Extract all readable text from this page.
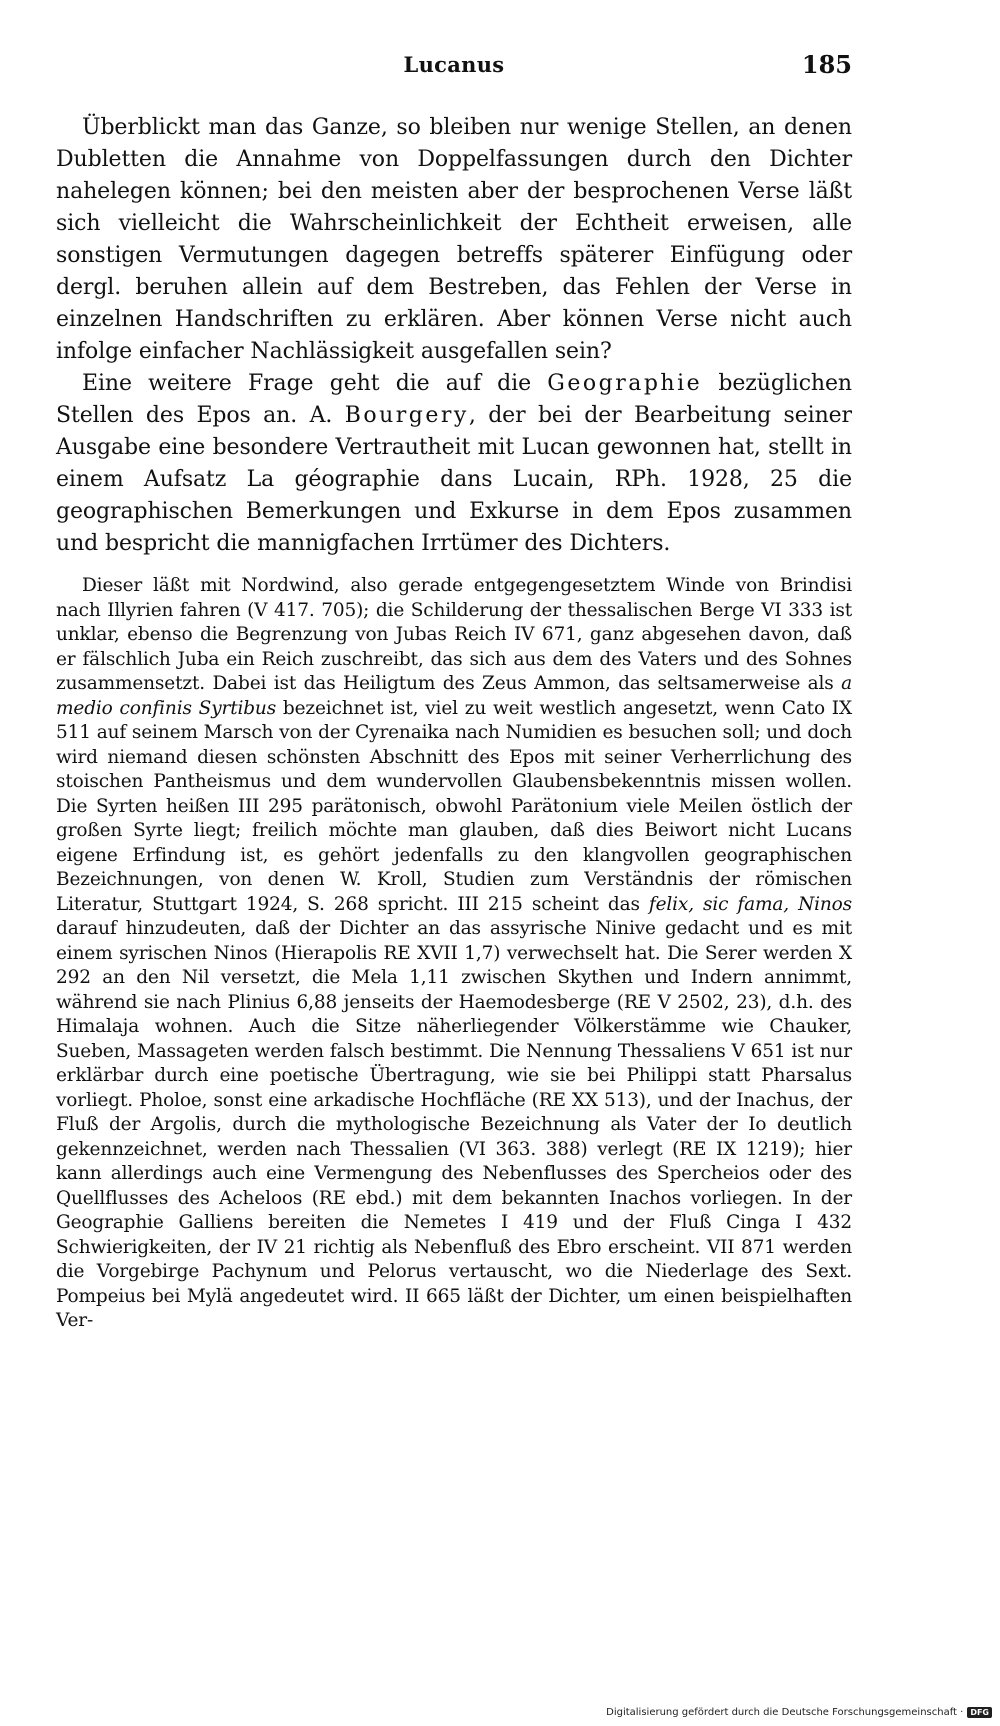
Lucanus	185

Überblickt man das Ganze, so bleiben nur wenige Stellen, an denen Dubletten die Annahme von Doppelfassungen durch den Dichter nahelegen können; bei den meisten aber der besprochenen Verse läßt sich vielleicht die Wahrscheinlichkeit der Echtheit erweisen, alle sonstigen Vermutungen dagegen betreffs späterer Einfügung oder dergl. beruhen allein auf dem Bestreben, das Fehlen der Verse in einzelnen Handschriften zu erklären. Aber können Verse nicht auch infolge einfacher Nachlässigkeit ausgefallen sein?

Eine weitere Frage geht die auf die Geographie bezüglichen Stellen des Epos an. A. Bourgery, der bei der Bearbeitung seiner Ausgabe eine besondere Vertrautheit mit Lucan gewonnen hat, stellt in einem Aufsatz La géographie dans Lucain, RPh. 1928, 25 die geographischen Bemerkungen und Exkurse in dem Epos zusammen und bespricht die mannigfachen Irrtümer des Dichters.

Dieser läßt mit Nordwind, also gerade entgegengesetztem Winde von Brindisi nach Illyrien fahren (V 417. 705); die Schilderung der thessalischen Berge VI 333 ist unklar, ebenso die Begrenzung von Jubas Reich IV 671, ganz abgesehen davon, daß er fälschlich Juba ein Reich zuschreibt, das sich aus dem des Vaters und des Sohnes zusammensetzt. Dabei ist das Heiligtum des Zeus Ammon, das seltsamerweise als a medio confinis Syrtibus bezeichnet ist, viel zu weit westlich angesetzt, wenn Cato IX 511 auf seinem Marsch von der Cyrenaika nach Numidien es besuchen soll; und doch wird niemand diesen schönsten Abschnitt des Epos mit seiner Verherrlichung des stoischen Pantheismus und dem wundervollen Glaubensbekenntnis missen wollen. Die Syrten heißen III 295 parätonisch, obwohl Parätonium viele Meilen östlich der großen Syrte liegt; freilich möchte man glauben, daß dies Beiwort nicht Lucans eigene Erfindung ist, es gehört jedenfalls zu den klangvollen geographischen Bezeichnungen, von denen W. Kroll, Studien zum Verständnis der römischen Literatur, Stuttgart 1924, S. 268 spricht. III 215 scheint das felix, sic fama, Ninos darauf hinzudeuten, daß der Dichter an das assyrische Ninive gedacht und es mit einem syrischen Ninos (Hierapolis RE XVII 1,7) verwechselt hat. Die Serer werden X 292 an den Nil versetzt, die Mela 1,11 zwischen Skythen und Indern annimmt, während sie nach Plinius 6,88 jenseits der Haemodesberge (RE V 2502, 23), d.h. des Himalaja wohnen. Auch die Sitze näherliegender Völkerstämme wie Chauker, Sueben, Massageten werden falsch bestimmt. Die Nennung Thessaliens V 651 ist nur erklärbar durch eine poetische Übertragung, wie sie bei Philippi statt Pharsalus vorliegt. Pholoe, sonst eine arkadische Hochfläche (RE XX 513), und der Inachus, der Fluß der Argolis, durch die mythologische Bezeichnung als Vater der Io deutlich gekennzeichnet, werden nach Thessalien (VI 363. 388) verlegt (RE IX 1219); hier kann allerdings auch eine Vermengung des Nebenflusses des Spercheios oder des Quellflusses des Acheloos (RE ebd.) mit dem bekannten Inachos vorliegen. In der Geographie Galliens bereiten die Nemetes I 419 und der Fluß Cinga I 432 Schwierigkeiten, der IV 21 richtig als Nebenfluß des Ebro erscheint. VII 871 werden die Vorgebirge Pachynum und Pelorus vertauscht, wo die Niederlage des Sext. Pompeius bei Mylä angedeutet wird. II 665 läßt der Dichter, um einen beispielhaften Ver-

Digitalisierung gefördert durch die Deutsche Forschungsgemeinschaft · DFG
